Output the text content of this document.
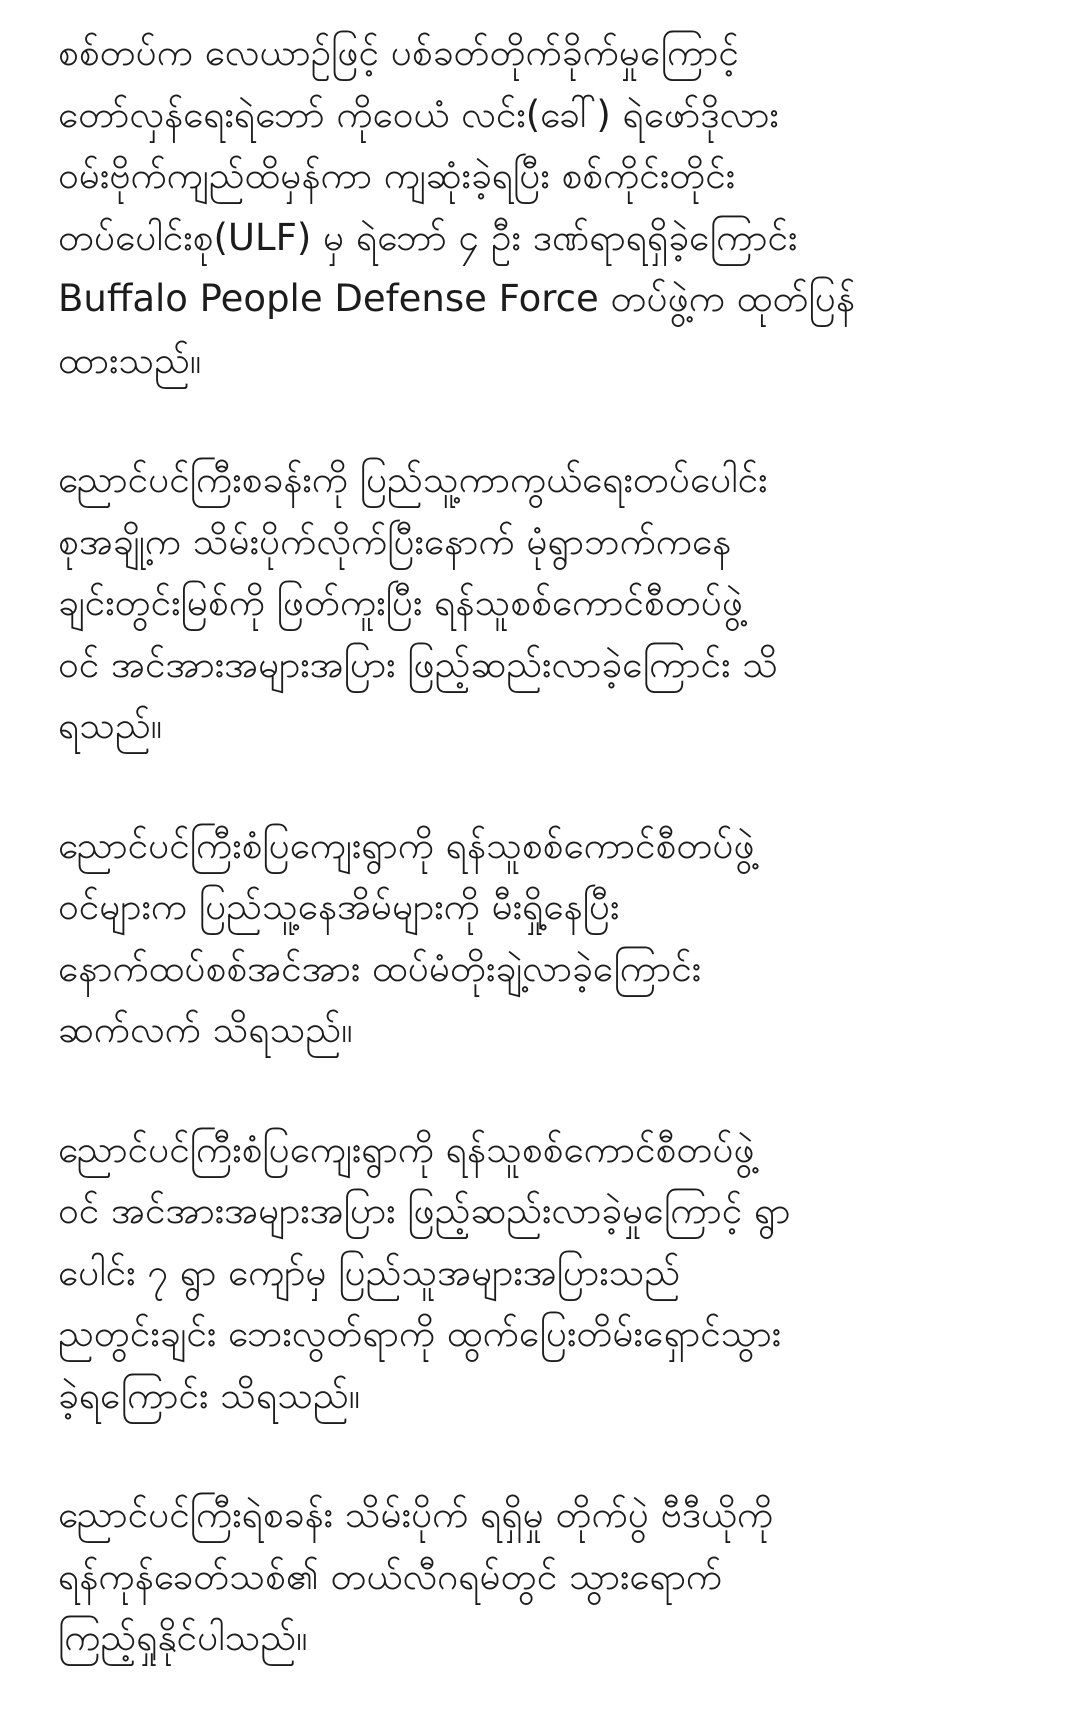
စစ်တပ်က လေယာဉ်ဖြင့် ပစ်ခတ်တိုက်ခိုက်မှုကြောင့်
တော်လှန်ရေးရဲဘော် ကိုဝေယံ လင်း(ခေါ်) ရဲဖော်ဒိုလား
ဝမ်းဗိုက်ကျည်ထိမှန်ကာ ကျဆုံးခဲ့ရပြီး စစ်ကိုင်းတိုင်း
တပ်ပေါင်းစု(ULF) မှ ရဲဘော် ၄ ဦး ဒဏ်ရာရရှိခဲ့ကြောင်း
Buffalo People Defense Force တပ်ဖွဲ့က ထုတ်ပြန်
ထားသည်။

ညောင်ပင်ကြီးစခန်းကို ပြည်သူ့ကာကွယ်ရေးတပ်ပေါင်း
စုအချို့က သိမ်းပိုက်လိုက်ပြီးနောက် မုံရွာဘက်ကနေ
ချင်းတွင်းမြစ်ကို ဖြတ်ကူးပြီး ရန်သူစစ်ကောင်စီတပ်ဖွဲ့
ဝင် အင်အားအများအပြား ဖြည့်ဆည်းလာခဲ့ကြောင်း သိ
ရသည်။

ညောင်ပင်ကြီးစံပြကျေးရွာကို ရန်သူစစ်ကောင်စီတပ်ဖွဲ့
ဝင်များက ပြည်သူ့နေအိမ်များကို မီးရှို့နေပြီး
နောက်ထပ်စစ်အင်အား ထပ်မံတိုးချဲ့လာခဲ့ကြောင်း
ဆက်လက် သိရသည်။

ညောင်ပင်ကြီးစံပြကျေးရွာကို ရန်သူစစ်ကောင်စီတပ်ဖွဲ့
ဝင် အင်အားအများအပြား ဖြည့်ဆည်းလာခဲ့မှုကြောင့် ရွာ
ပေါင်း ၇ ရွာ ကျော်မှ ပြည်သူအများအပြားသည်
ညတွင်းချင်း ဘေးလွတ်ရာကို ထွက်ပြေးတိမ်းရှောင်သွား
ခဲ့ရကြောင်း သိရသည်။

ညောင်ပင်ကြီးရဲစခန်း သိမ်းပိုက် ရရှိမှု တိုက်ပွဲ ဗီဒီယိုကို
ရန်ကုန်ခေတ်သစ်၏ တယ်လီဂရမ်တွင် သွားရောက်
ကြည့်ရှုနိုင်ပါသည်။
